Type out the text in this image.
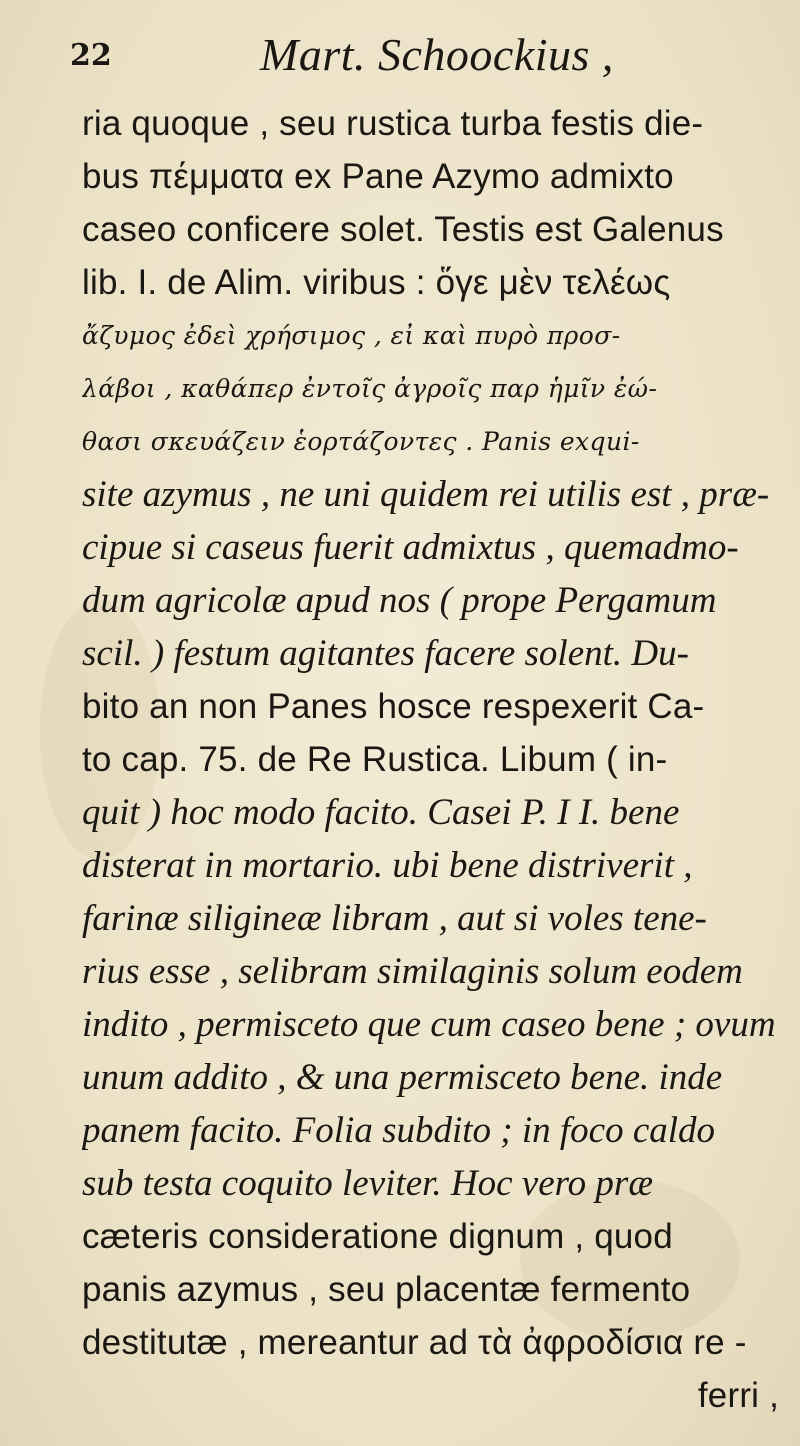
22	Mart. Schoockius ,
ria quoque , seu rustica turba festis die-
bus πέμματα ex Pane Azymo admixto
caseo conficere solet. Testis est Galenus
lib. I. de Alim. viribus : ὅγε μὲν τελέως
ἄζυμος ἐδεὶ χρήσιμος , εἰ καὶ πυρὸ προσ-
λάβοι , καθάπερ ἐντοῖς ἀγροῖς παρ ἡμῖν ἐώ-
θασι σκευάζειν ἑορτάζοντες . Panis exqui-
site azymus , ne uni quidem rei utilis est , præ-
cipue si caseus fuerit admixtus , quemadmo-
dum agricolæ apud nos ( prope Pergamum
scil. ) festum agitantes facere solent. Du-
bito an non Panes hosce respexerit Ca-
to cap. 75. de Re Rustica. Libum ( in-
quit ) hoc modo facito. Casei P. I I. bene
disterat in mortario. ubi bene distriverit ,
farinæ siligineæ libram , aut si voles tene-
rius esse , selibram similaginis solum eodem
indito , permisceto que cum caseo bene ; ovum
unum addito , & una permisceto bene. inde
panem facito. Folia subdito ; in foco caldo
sub testa coquito leviter. Hoc vero præ
cæteris consideratione dignum , quod
panis azymus , seu placentæ fermento
destitutæ , mereantur ad τὰ ἀφροδίσια re -
ferri ,
